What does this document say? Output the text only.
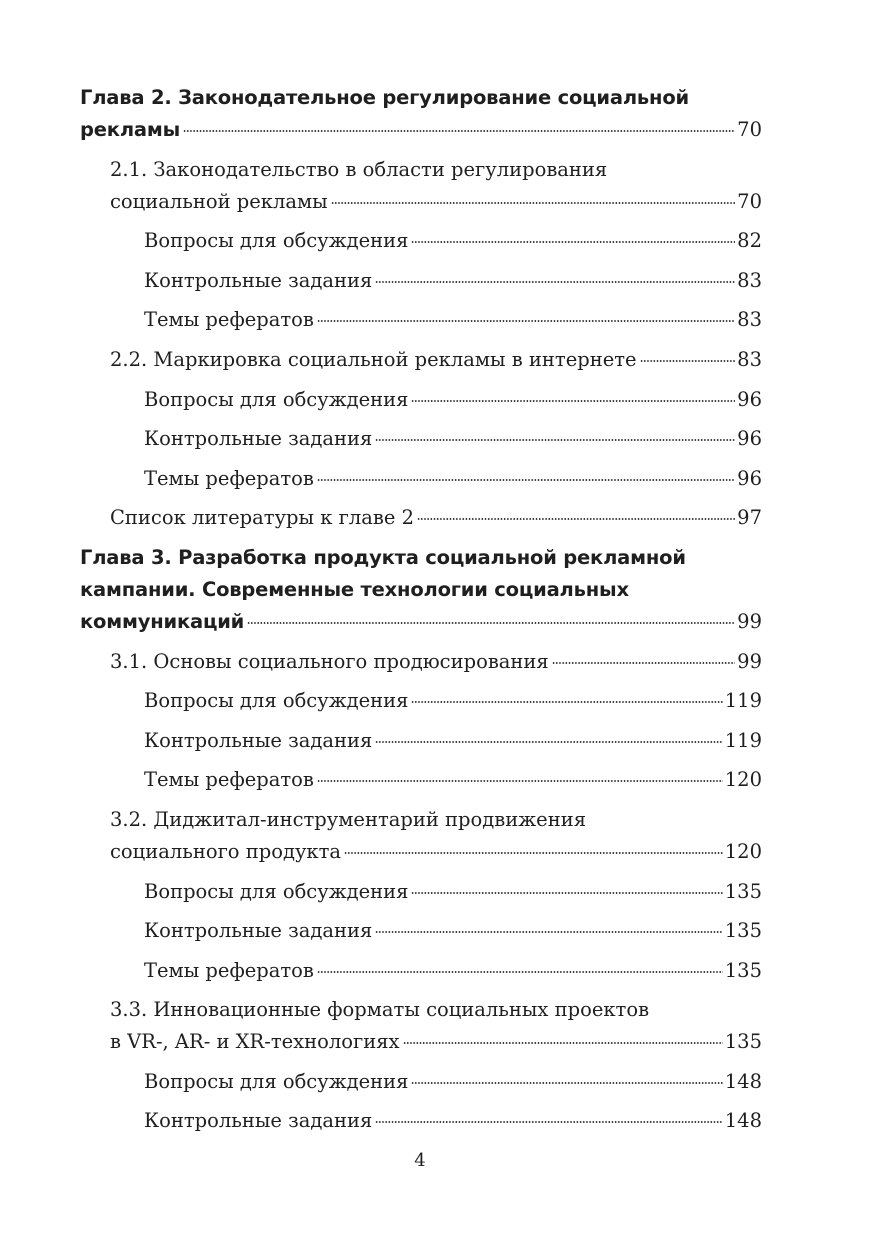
Глава 2. Законодательное регулирование социальной
рекламы	70
2.1. Законодательство в области регулирования
социальной рекламы	70
Вопросы для обсуждения	82
Контрольные задания	83
Темы рефератов	83
2.2. Маркировка социальной рекламы в интернете	83
Вопросы для обсуждения	96
Контрольные задания	96
Темы рефератов	96
Список литературы к главе 2	97
Глава 3. Разработка продукта социальной рекламной
кампании. Современные технологии социальных
коммуникаций	99
3.1. Основы социального продюсирования	99
Вопросы для обсуждения	119
Контрольные задания	119
Темы рефератов	120
3.2. Диджитал-инструментарий продвижения
социального продукта	120
Вопросы для обсуждения	135
Контрольные задания	135
Темы рефератов	135
3.3. Инновационные форматы социальных проектов
в VR-, AR- и XR-технологиях	135
Вопросы для обсуждения	148
Контрольные задания	148
4
